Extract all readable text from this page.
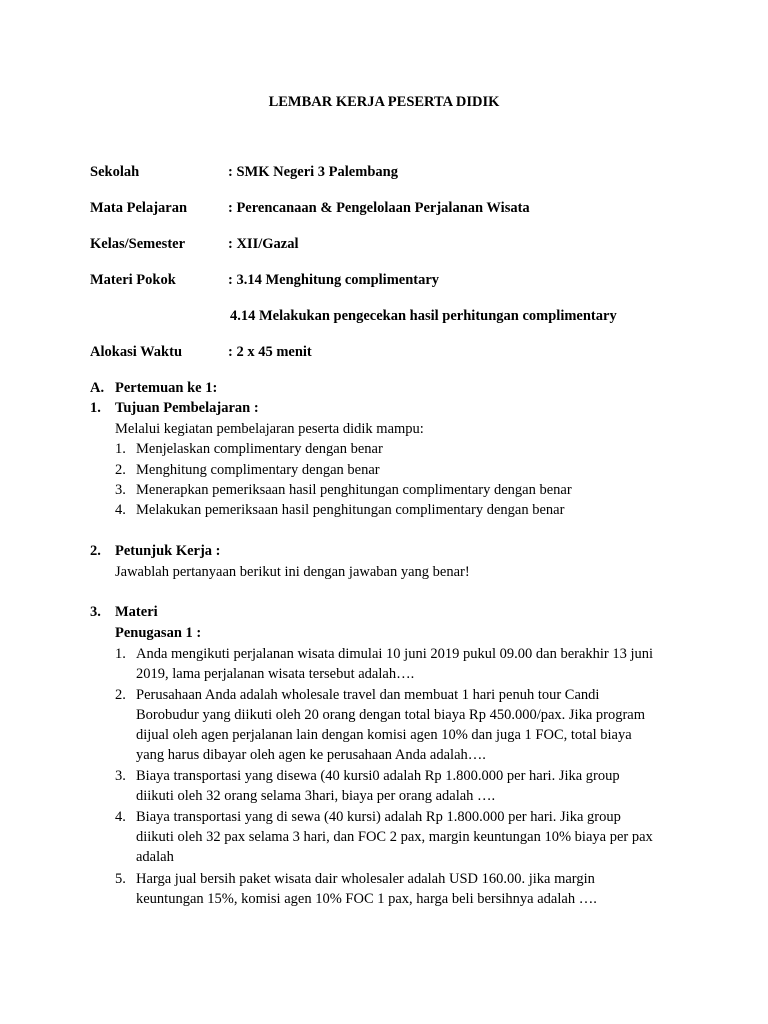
LEMBAR KERJA PESERTA DIDIK
Sekolah	: SMK Negeri 3 Palembang
Mata Pelajaran	: Perencanaan & Pengelolaan Perjalanan Wisata
Kelas/Semester	: XII/Gazal
Materi Pokok	: 3.14 Menghitung complimentary
4.14 Melakukan pengecekan hasil perhitungan complimentary
Alokasi Waktu	: 2 x 45 menit
A. Pertemuan ke 1:
1. Tujuan Pembelajaran :
Melalui kegiatan pembelajaran peserta didik mampu:
1. Menjelaskan complimentary dengan benar
2. Menghitung complimentary dengan benar
3. Menerapkan pemeriksaan hasil penghitungan complimentary dengan benar
4. Melakukan pemeriksaan hasil penghitungan complimentary dengan benar
2. Petunjuk Kerja :
Jawablah pertanyaan berikut ini dengan jawaban yang benar!
3. Materi
Penugasan 1 :
1. Anda mengikuti perjalanan wisata dimulai 10 juni 2019 pukul 09.00 dan berakhir 13 juni
2019, lama perjalanan wisata tersebut adalah….
2. Perusahaan Anda adalah wholesale travel dan membuat 1 hari penuh tour Candi
Borobudur yang diikuti oleh 20 orang dengan total biaya Rp 450.000/pax. Jika program
dijual oleh agen perjalanan lain dengan komisi agen 10% dan juga 1 FOC, total biaya
yang harus dibayar oleh agen ke perusahaan Anda adalah….
3. Biaya transportasi yang disewa (40 kursi0 adalah Rp 1.800.000 per hari. Jika group
diikuti oleh 32 orang selama 3hari, biaya per orang adalah ….
4. Biaya transportasi yang di sewa (40 kursi) adalah Rp 1.800.000 per hari. Jika group
diikuti oleh 32 pax selama 3 hari, dan FOC 2 pax, margin keuntungan 10% biaya per pax
adalah
5. Harga jual bersih paket wisata dair wholesaler adalah USD 160.00. jika margin
keuntungan 15%, komisi agen 10% FOC 1 pax, harga beli bersihnya adalah ….
